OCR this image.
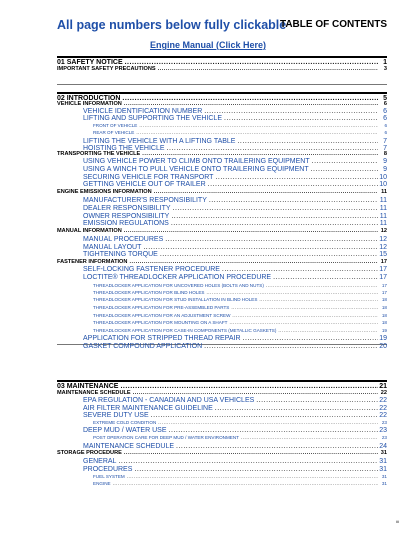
All page numbers below fully clickable
TABLE OF CONTENTS
Engine Manual (Click Here)
01 SAFETY NOTICE .....	1
IMPORTANT SAFETY PRECAUTIONS .....	3
02 INTRODUCTION .....	5
VEHICLE INFORMATION .....	6
VEHICLE IDENTIFICATION NUMBER .....	6
LIFTING AND SUPPORTING THE VEHICLE .....	6
FRONT OF VEHICLE .....	6
REAR OF VEHICLE .....	6
LIFTING THE VEHICLE WITH A LIFTING TABLE .....	7
HOISTING THE VEHICLE .....	7
TRANSPORTING THE VEHICLE .....	8
USING VEHICLE POWER TO CLIMB ONTO TRAILERING EQUIPMENT .....	9
USING A WINCH TO PULL VEHICLE ONTO TRAILERING EQUIPMENT .....	9
SECURING VEHICLE FOR TRANSPORT .....	10
GETTING VEHICLE OUT OF TRAILER .....	10
ENGINE EMISSIONS INFORMATION .....	11
MANUFACTURER'S RESPONSIBILITY .....	11
DEALER RESPONSIBILITY .....	11
OWNER RESPONSIBILITY .....	11
EMISSION REGULATIONS .....	11
MANUAL INFORMATION .....	12
MANUAL PROCEDURES .....	12
MANUAL LAYOUT .....	12
TIGHTENING TORQUE .....	15
FASTENER INFORMATION .....	17
SELF-LOCKING FASTENER PROCEDURE .....	17
LOCTITE® THREADLOCKER APPLICATION PROCEDURE .....	17
THREADLOCKER APPLICATION FOR UNCOVERED HOLES (BOLTS AND NUTS) .....	17
THREADLOCKER APPLICATION FOR BLIND HOLES .....	17
THREADLOCKER APPLICATION FOR STUD INSTALLATION IN BLIND HOLES .....	18
THREADLOCKER APPLICATION FOR PRE-ASSEMBLED PARTS .....	18
THREADLOCKER APPLICATION FOR AN ADJUSTMENT SCREW .....	18
THREADLOCKER APPLICATION FOR MOUNTING ON A SHAFT .....	18
THREADLOCKER APPLICATION FOR CASE-IN COMPONENTS (METALLIC GASKETS) .....	19
APPLICATION FOR STRIPPED THREAD REPAIR .....	19
GASKET COMPOUND APPLICATION .....	20
03 MAINTENANCE .....	21
MAINTENANCE SCHEDULE .....	22
EPA REGULATION - CANADIAN AND USA VEHICLES .....	22
AIR FILTER MAINTENANCE GUIDELINE .....	22
SEVERE DUTY USE .....	22
EXTREME COLD CONDITION .....	23
DEEP MUD / WATER USE .....	23
POST OPERATION CARE FOR DEEP MUD / WATER ENVIRONMENT .....	23
MAINTENANCE SCHEDULE .....	24
STORAGE PROCEDURE .....	31
GENERAL .....	31
PROCEDURES .....	31
FUEL SYSTEM .....	31
ENGINE .....	31
iii
